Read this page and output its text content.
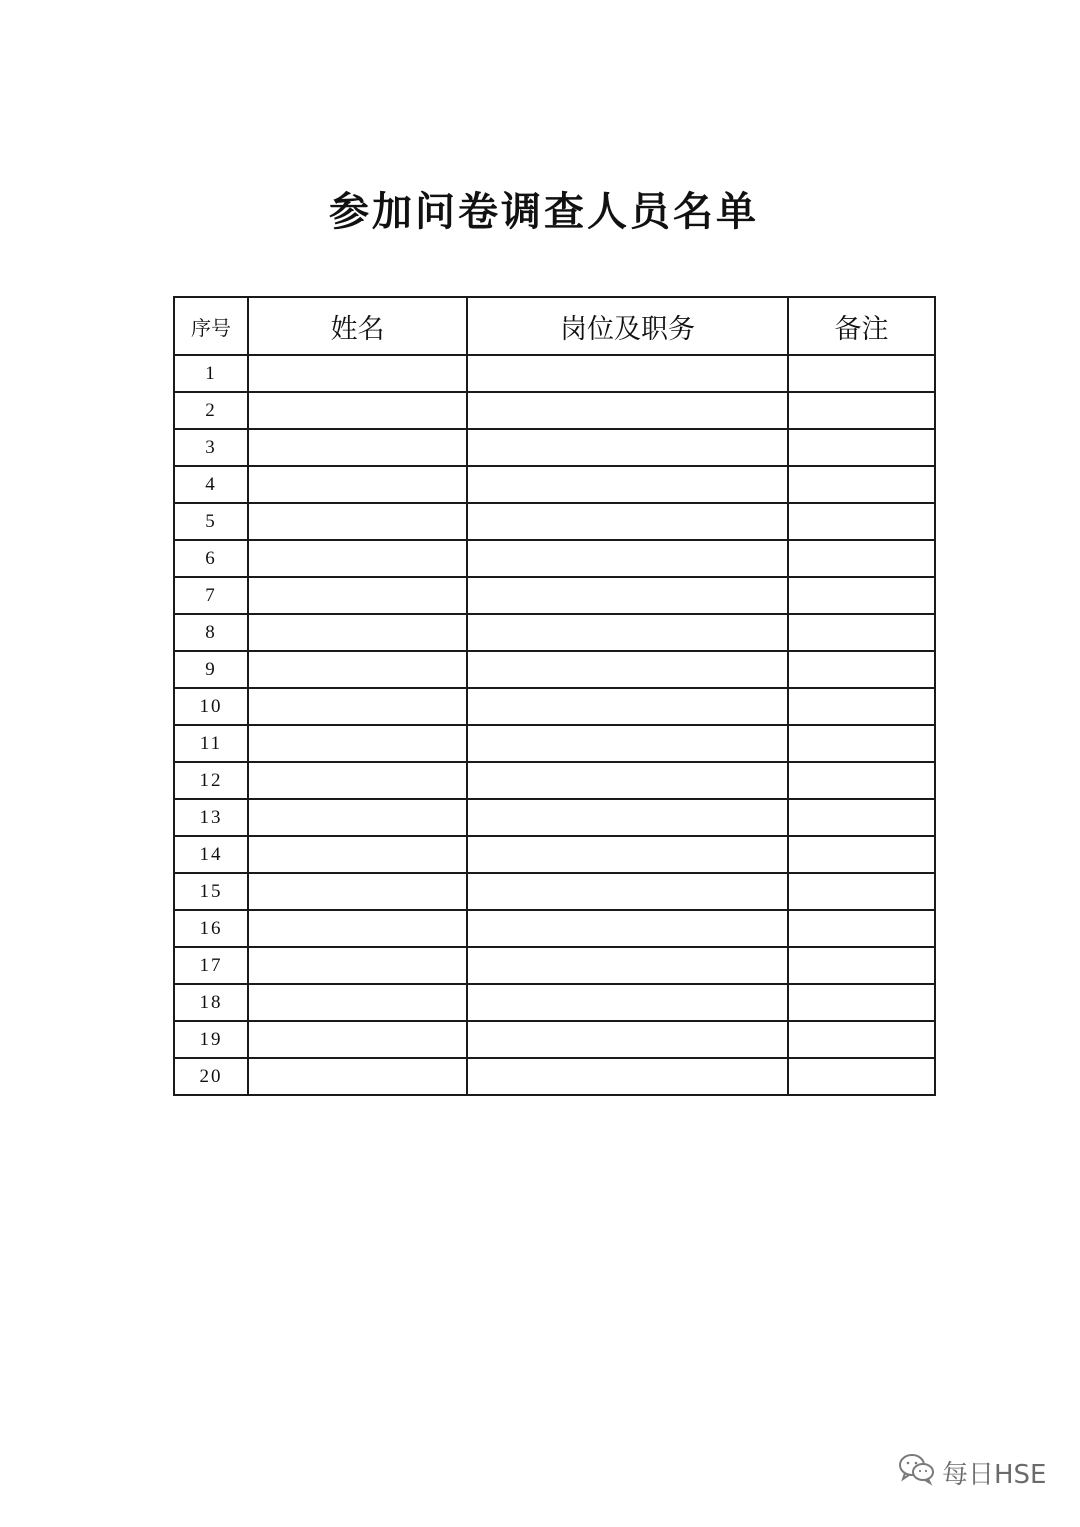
参加问卷调查人员名单
序号	姓名	岗位及职务	备注
1			
2			
3			
4			
5			
6			
7			
8			
9			
10			
11			
12			
13			
14			
15			
16			
17			
18			
19			
20			
每日HSE
